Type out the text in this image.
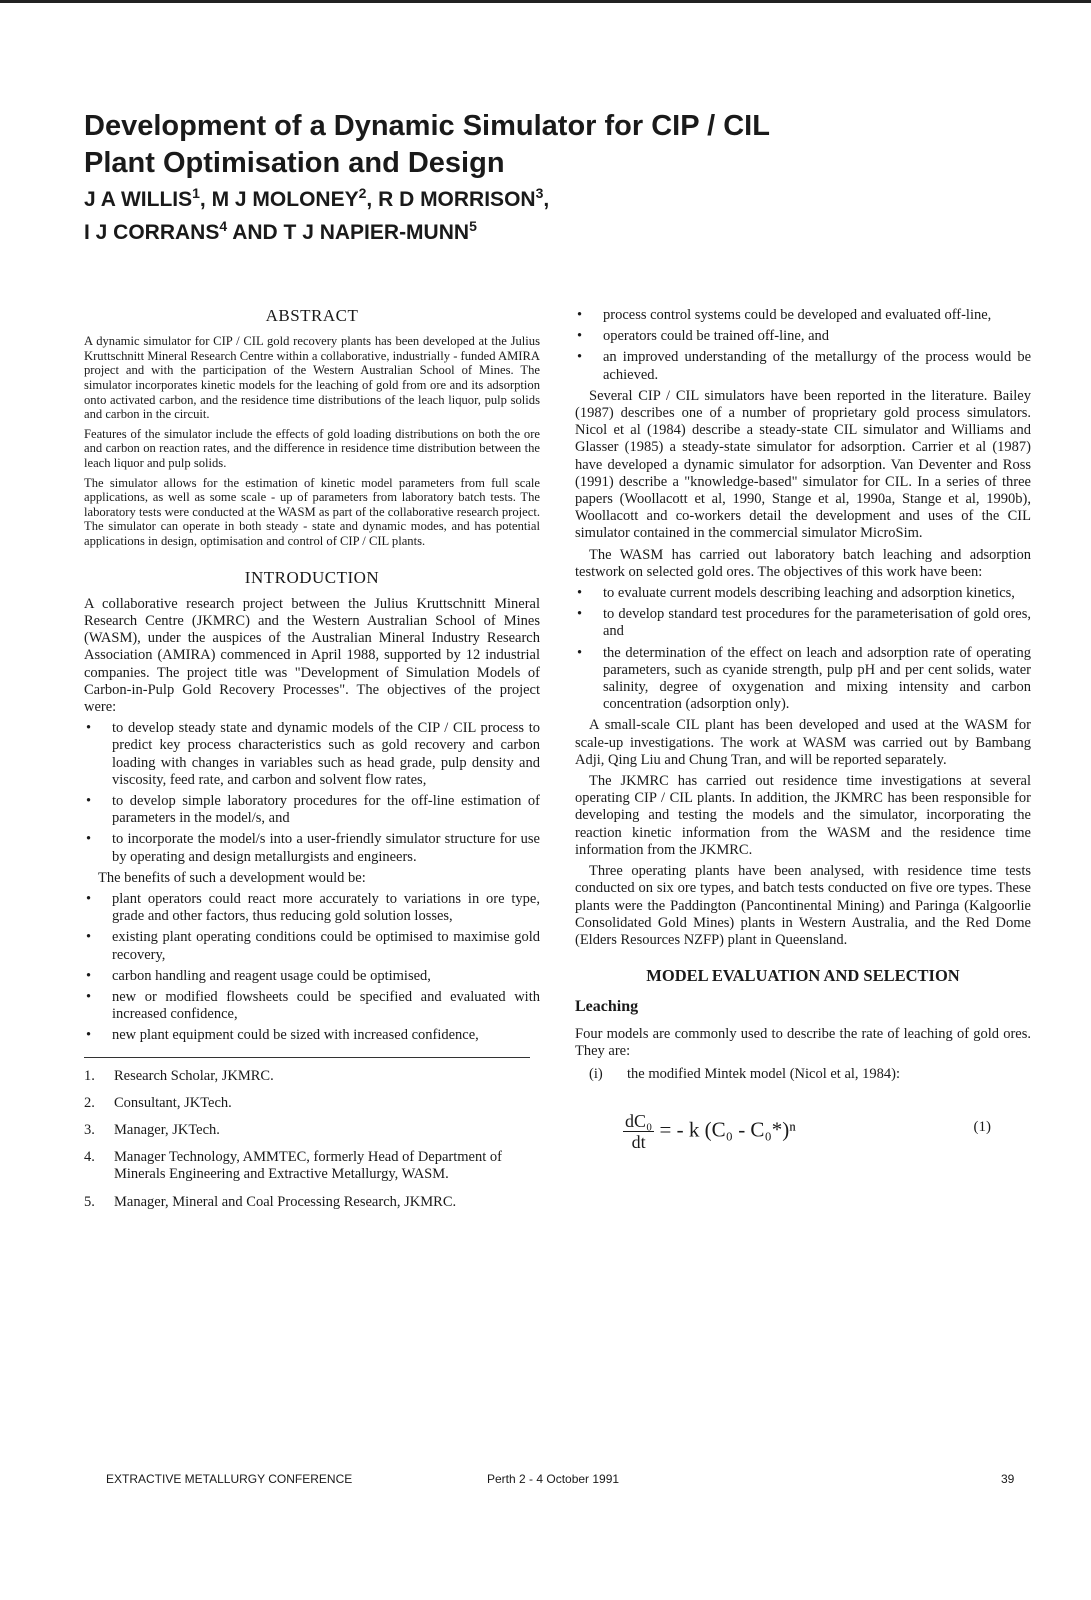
Development of a Dynamic Simulator for CIP / CIL
Plant Optimisation and Design
J A WILLIS$^1$, M J MOLONEY$^2$, R D MORRISON$^3$,
I J CORRANS$^4$ AND T J NAPIER-MUNN$^5$
ABSTRACT

A dynamic simulator for CIP / CIL gold recovery plants has been developed at the Julius Kruttschnitt Mineral Research Centre within a collaborative, industrially - funded AMIRA project and with the participation of the Western Australian School of Mines. The simulator incorporates kinetic models for the leaching of gold from ore and its adsorption onto activated carbon, and the residence time distributions of the leach liquor, pulp solids and carbon in the circuit.

Features of the simulator include the effects of gold loading distributions on both the ore and carbon on reaction rates, and the difference in residence time distribution between the leach liquor and pulp solids.

The simulator allows for the estimation of kinetic model parameters from full scale applications, as well as some scale - up of parameters from laboratory batch tests. The laboratory tests were conducted at the WASM as part of the collaborative research project. The simulator can operate in both steady - state and dynamic modes, and has potential applications in design, optimisation and control of CIP / CIL plants.

INTRODUCTION

A collaborative research project between the Julius Kruttschnitt Mineral Research Centre (JKMRC) and the Western Australian School of Mines (WASM), under the auspices of the Australian Mineral Industry Research Association (AMIRA) commenced in April 1988, supported by 12 industrial companies. The project title was "Development of Simulation Models of Carbon-in-Pulp Gold Recovery Processes". The objectives of the project were:

• to develop steady state and dynamic models of the CIP / CIL process to predict key process characteristics such as gold recovery and carbon loading with changes in variables such as head grade, pulp density and viscosity, feed rate, and carbon and solvent flow rates,
• to develop simple laboratory procedures for the off-line estimation of parameters in the model/s, and
• to incorporate the model/s into a user-friendly simulator structure for use by operating and design metallurgists and engineers.

The benefits of such a development would be:

• plant operators could react more accurately to variations in ore type, grade and other factors, thus reducing gold solution losses,
• existing plant operating conditions could be optimised to maximise gold recovery,
• carbon handling and reagent usage could be optimised,
• new or modified flowsheets could be specified and evaluated with increased confidence,
• new plant equipment could be sized with increased confidence,
1. Research Scholar, JKMRC.
2. Consultant, JKTech.
3. Manager, JKTech.
4. Manager Technology, AMMTEC, formerly Head of Department of Minerals Engineering and Extractive Metallurgy, WASM.
5. Manager, Mineral and Coal Processing Research, JKMRC.
• process control systems could be developed and evaluated off-line,
• operators could be trained off-line, and
• an improved understanding of the metallurgy of the process would be achieved.

Several CIP / CIL simulators have been reported in the literature. Bailey (1987) describes one of a number of proprietary gold process simulators. Nicol et al (1984) describe a steady-state CIL simulator and Williams and Glasser (1985) a steady-state simulator for adsorption. Carrier et al (1987) have developed a dynamic simulator for adsorption. Van Deventer and Ross (1991) describe a "knowledge-based" simulator for CIL. In a series of three papers (Woollacott et al, 1990, Stange et al, 1990a, Stange et al, 1990b), Woollacott and co-workers detail the development and uses of the CIL simulator contained in the commercial simulator MicroSim.

The WASM has carried out laboratory batch leaching and adsorption testwork on selected gold ores. The objectives of this work have been:

• to evaluate current models describing leaching and adsorption kinetics,
• to develop standard test procedures for the parameterisation of gold ores, and
• the determination of the effect on leach and adsorption rate of operating parameters, such as cyanide strength, pulp pH and per cent solids, water salinity, degree of oxygenation and mixing intensity and carbon concentration (adsorption only).

A small-scale CIL plant has been developed and used at the WASM for scale-up investigations. The work at WASM was carried out by Bambang Adji, Qing Liu and Chung Tran, and will be reported separately.

The JKMRC has carried out residence time investigations at several operating CIP / CIL plants. In addition, the JKMRC has been responsible for developing and testing the models and the simulator, incorporating the reaction kinetic information from the WASM and the residence time information from the JKMRC.

Three operating plants have been analysed, with residence time tests conducted on six ore types, and batch tests conducted on five ore types. These plants were the Paddington (Pancontinental Mining) and Paringa (Kalgoorlie Consolidated Gold Mines) plants in Western Australia, and the Red Dome (Elders Resources NZFP) plant in Queensland.

MODEL EVALUATION AND SELECTION
Leaching

Four models are commonly used to describe the rate of leaching of gold ores. They are:

(i) the modified Mintek model (Nicol et al, 1984):
$\frac{\text{dC₀}}{dt}$ = - k (C₀ - C₀*)ⁿ	(1)
EXTRACTIVE METALLURGY CONFERENCE	Perth 2 - 4 October 1991	39
